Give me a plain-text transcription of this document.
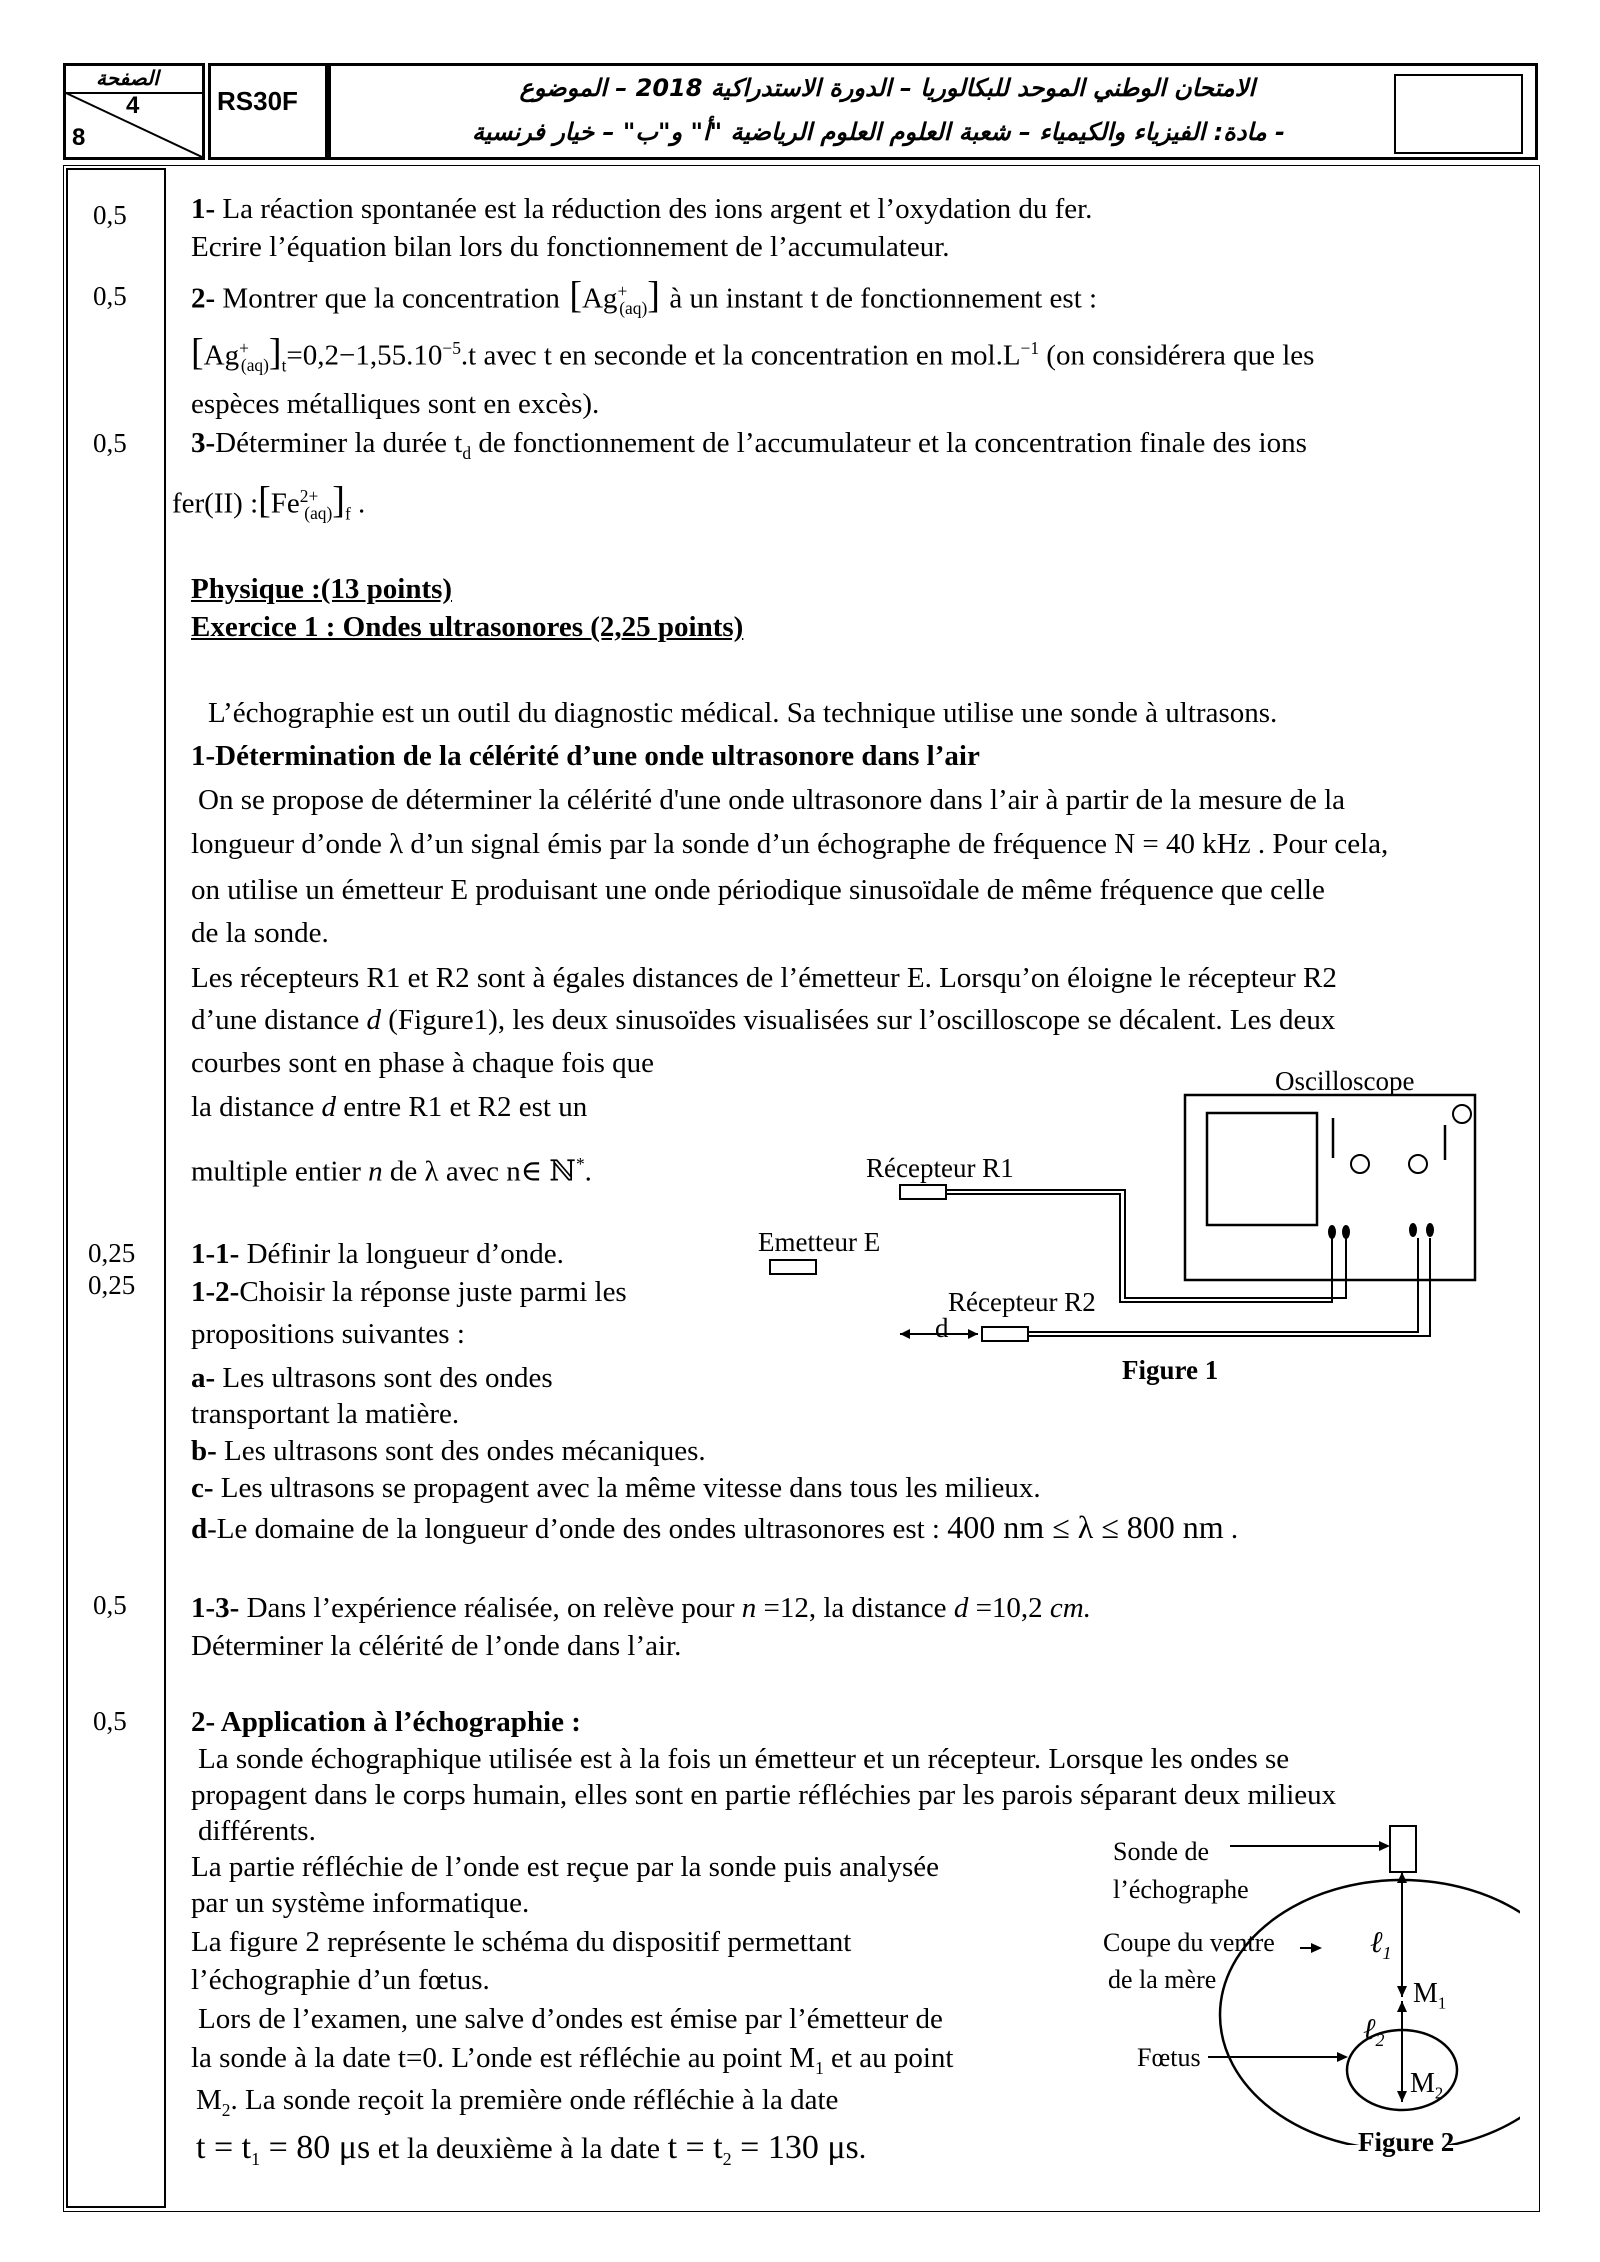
الصفحة
4
8
RS30F	الامتحان الوطني الموحد للبكالوريا – الدورة الاستدراكية 2018 – الموضوع
- مادة: الفيزياء والكيمياء – شعبة العلوم العلوم الرياضية "أ" و"ب" – خيار فرنسية
0,5
0,5
0,5
0,25
0,25
0,5
0,5
1- La réaction spontanée est la réduction des ions argent et l’oxydation du fer.
Ecrire l’équation bilan lors du fonctionnement de l’accumulateur.
2- Montrer que la concentration $[Ag^+_{(aq)}]$ à un instant t de fonctionnement est :
$[Ag^+_{(aq)}]_t=0,2-1,55.10^{-5}.t$ avec t en seconde et la concentration en $mol.L^{-1}$ (on considérera que les
espèces métalliques sont en excès).
3-Déterminer la durée $t_d$ de fonctionnement de l’accumulateur et la concentration finale des ions
fer(II) $:[Fe^{2+}_{(aq)}]_f$ .
Physique :(13 points)
Exercice 1 : Ondes ultrasonores (2,25 points)
L’échographie est un outil du diagnostic médical. Sa technique utilise une sonde à ultrasons.
1-Détermination de la célérité d’une onde ultrasonore dans l’air
On se propose de déterminer la célérité d'une onde ultrasonore dans l’air à partir de la mesure de la
longueur d’onde λ d’un signal émis par la sonde d’un échographe de fréquence N = 40 kHz . Pour cela,
on utilise un émetteur E produisant une onde périodique sinusoïdale de même fréquence que celle
de la sonde.
Les récepteurs R1 et R2 sont à égales distances de l’émetteur E. Lorsqu’on éloigne le récepteur R2
d’une distance d (Figure1), les deux sinusoïdes visualisées sur l’oscilloscope se décalent. Les deux
courbes sont en phase à chaque fois que
la distance d entre R1 et R2 est un
multiple entier n de λ avec n∈ ℕ*.
1-1- Définir la longueur d’onde.
1-2-Choisir la réponse juste parmi les
propositions suivantes :
a- Les ultrasons sont des ondes
transportant la matière.
b- Les ultrasons sont des ondes mécaniques.
c- Les ultrasons se propagent avec la même vitesse dans tous les milieux.
d-Le domaine de la longueur d’onde des ondes ultrasonores est : 400 nm ≤ λ ≤ 800 nm .
1-3- Dans l’expérience réalisée, on relève pour n =12, la distance d =10,2 cm.
Déterminer la célérité de l’onde dans l’air.
2- Application à l’échographie :
La sonde échographique utilisée est à la fois un émetteur et un récepteur. Lorsque les ondes se
propagent dans le corps humain, elles sont en partie réfléchies par les parois séparant deux milieux
différents.
La partie réfléchie de l’onde est reçue par la sonde puis analysée
par un système informatique.
La figure 2 représente le schéma du dispositif permettant
l’échographie d’un fœtus.
Lors de l’examen, une salve d’ondes est émise par l’émetteur de
la sonde à la date t=0. L’onde est réfléchie au point $M_1$ et au point
$M_2$. La sonde reçoit la première onde réfléchie à la date
$t = t_1 = 80$ μs et la deuxième à la date $t = t_2 = 130$ μs.
Oscilloscope
Récepteur R1
Emetteur E
Récepteur R2
d
Figure 1
Sonde de
l’échographe
Coupe du ventre
de la mère
Fœtus
ℓ$_1$
ℓ$_2$
$M_1$
$M_2$
Figure 2
